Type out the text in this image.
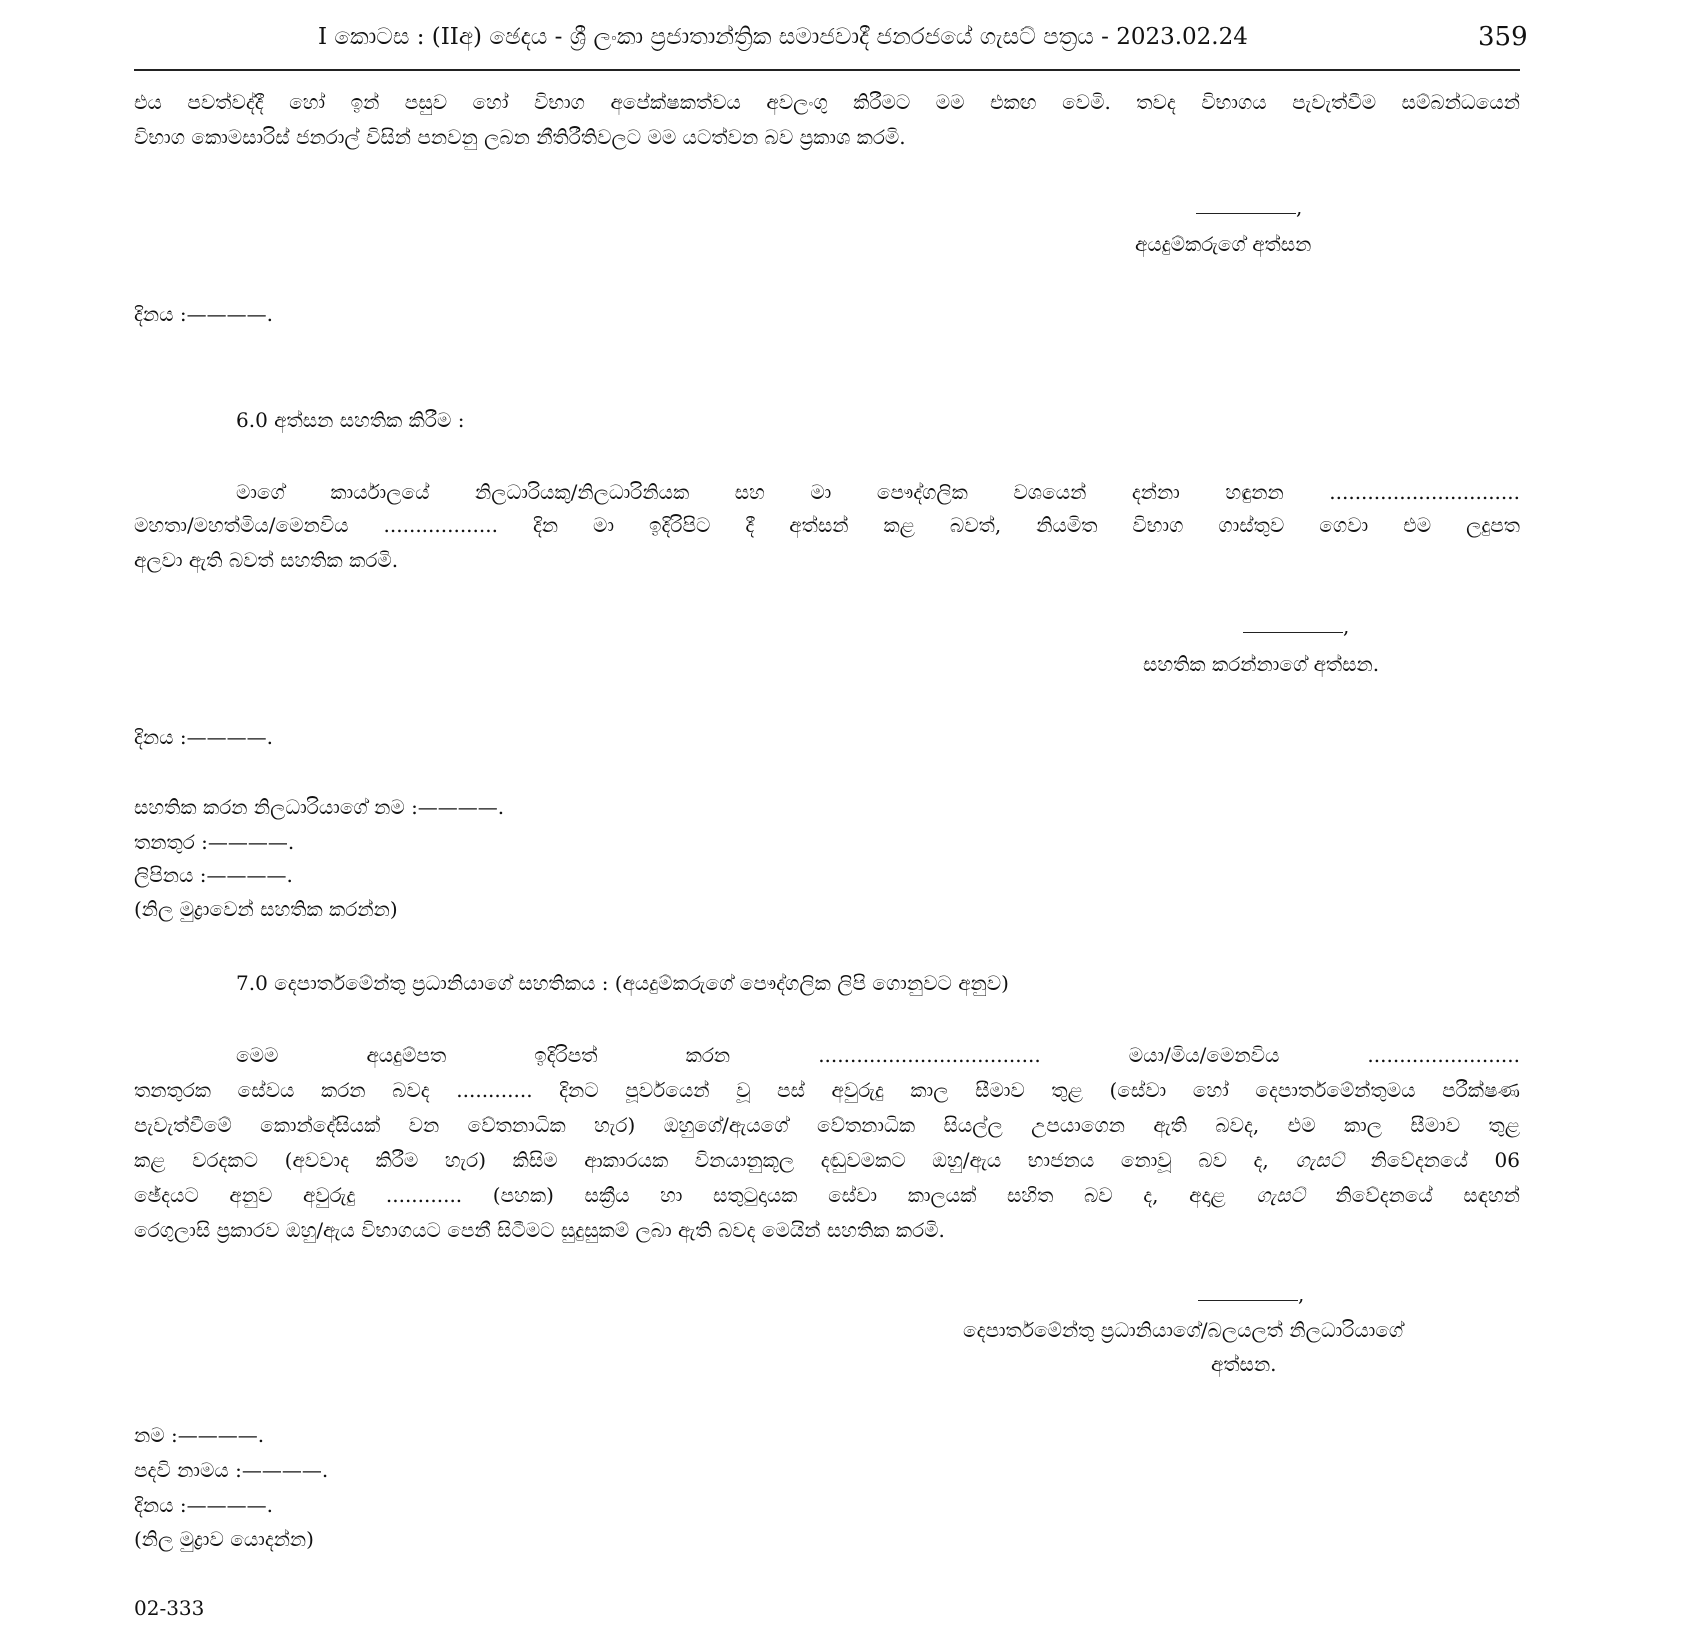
I කොටස : (IIඅ) ඡෙදය - ශ්‍රී ලංකා ප්‍රජාතාන්ත්‍රික සමාජවාදී ජනරජයේ ගැසට් පත්‍රය - 2023.02.24	359
එය පවත්වද්දී හෝ ඉන් පසුව හෝ විභාග අපේක්ෂකත්වය අවලංගු කිරීමට මම එකඟ වෙමි. තවද විභාගය පැවැත්වීම සම්බන්ධයෙන්
විභාග කොමසාරිස් ජනරාල් විසින් පනවනු ලබන නීතිරීතිවලට මම යටත්වන බව ප්‍රකාශ කරමි.
,
අයදුම්කරුගේ අත්සන
දිනය :————.
6.0 අත්සන සහතික කිරීම :
මාගේ කාර්යාලයේ නිලධාරියකු/නිලධාරිනියක සහ මා පෞද්ගලික වශයෙන් දන්නා හඳුනන ..............................
මහතා/මහත්මිය/මෙනවිය .................. දින මා ඉදිරිපිට දී අත්සන් කළ බවත්, නියමිත විභාග ගාස්තුව ගෙවා එම ලදුපත
අලවා ඇති බවත් සහතික කරමි.
,
සහතික කරන්නාගේ අත්සන.
දිනය :————.
සහතික කරන නිලධාරියාගේ නම :————.
තනතුර :————.
ලිපිනය :————.
(නිල මුද්‍රාවෙන් සහතික කරන්න)
7.0 දෙපාර්තමේන්තු ප්‍රධානියාගේ සහතිකය : (අයදුම්කරුගේ පෞද්ගලික ලිපි ගොනුවට අනුව)
මෙම අයදුම්පත ඉදිරිපත් කරන ................................... මයා/මිය/මෙනවිය ........................
තනතුරක සේවය කරන බවද ............ දිනට පූර්වයෙන් වූ පස් අවුරුදු කාල සීමාව තුළ (සේවා හෝ දෙපාර්තමේන්තුමය පරීක්ෂණ
පැවැත්වීමේ කොන්දේසියක් වන වේතනාධික හැර) ඔහුගේ/ඇයගේ වේතනාධික සියල්ල උපයාගෙන ඇති බවද, එම කාල සීමාව තුළ
කළ වරදකට (අවවාද කිරීම හැර) කිසිම ආකාරයක විනයානුකූල දඬුවමකට ඔහු/ඇය භාජනය නොවූ බව ද, ගැසට් නිවේදනයේ 06
ඡේදයට අනුව අවුරුදු ............ (පහක) සක්‍රීය හා සතුටුදායක සේවා කාලයක් සහිත බව ද, අදාළ ගැසට් නිවේදනයේ සඳහන්
රෙගුලාසි ප්‍රකාරව ඔහු/ඇය විභාගයට පෙනී සිටීමට සුදුසුකම් ලබා ඇති බවද මෙයින් සහතික කරමි.
,
දෙපාර්තමේන්තු ප්‍රධානියාගේ/බලයලත් නිලධාරියාගේ
අත්සන.
නම :————.
පදවි නාමය :————.
දිනය :————.
(නිල මුද්‍රාව යොදන්න)
02-333
